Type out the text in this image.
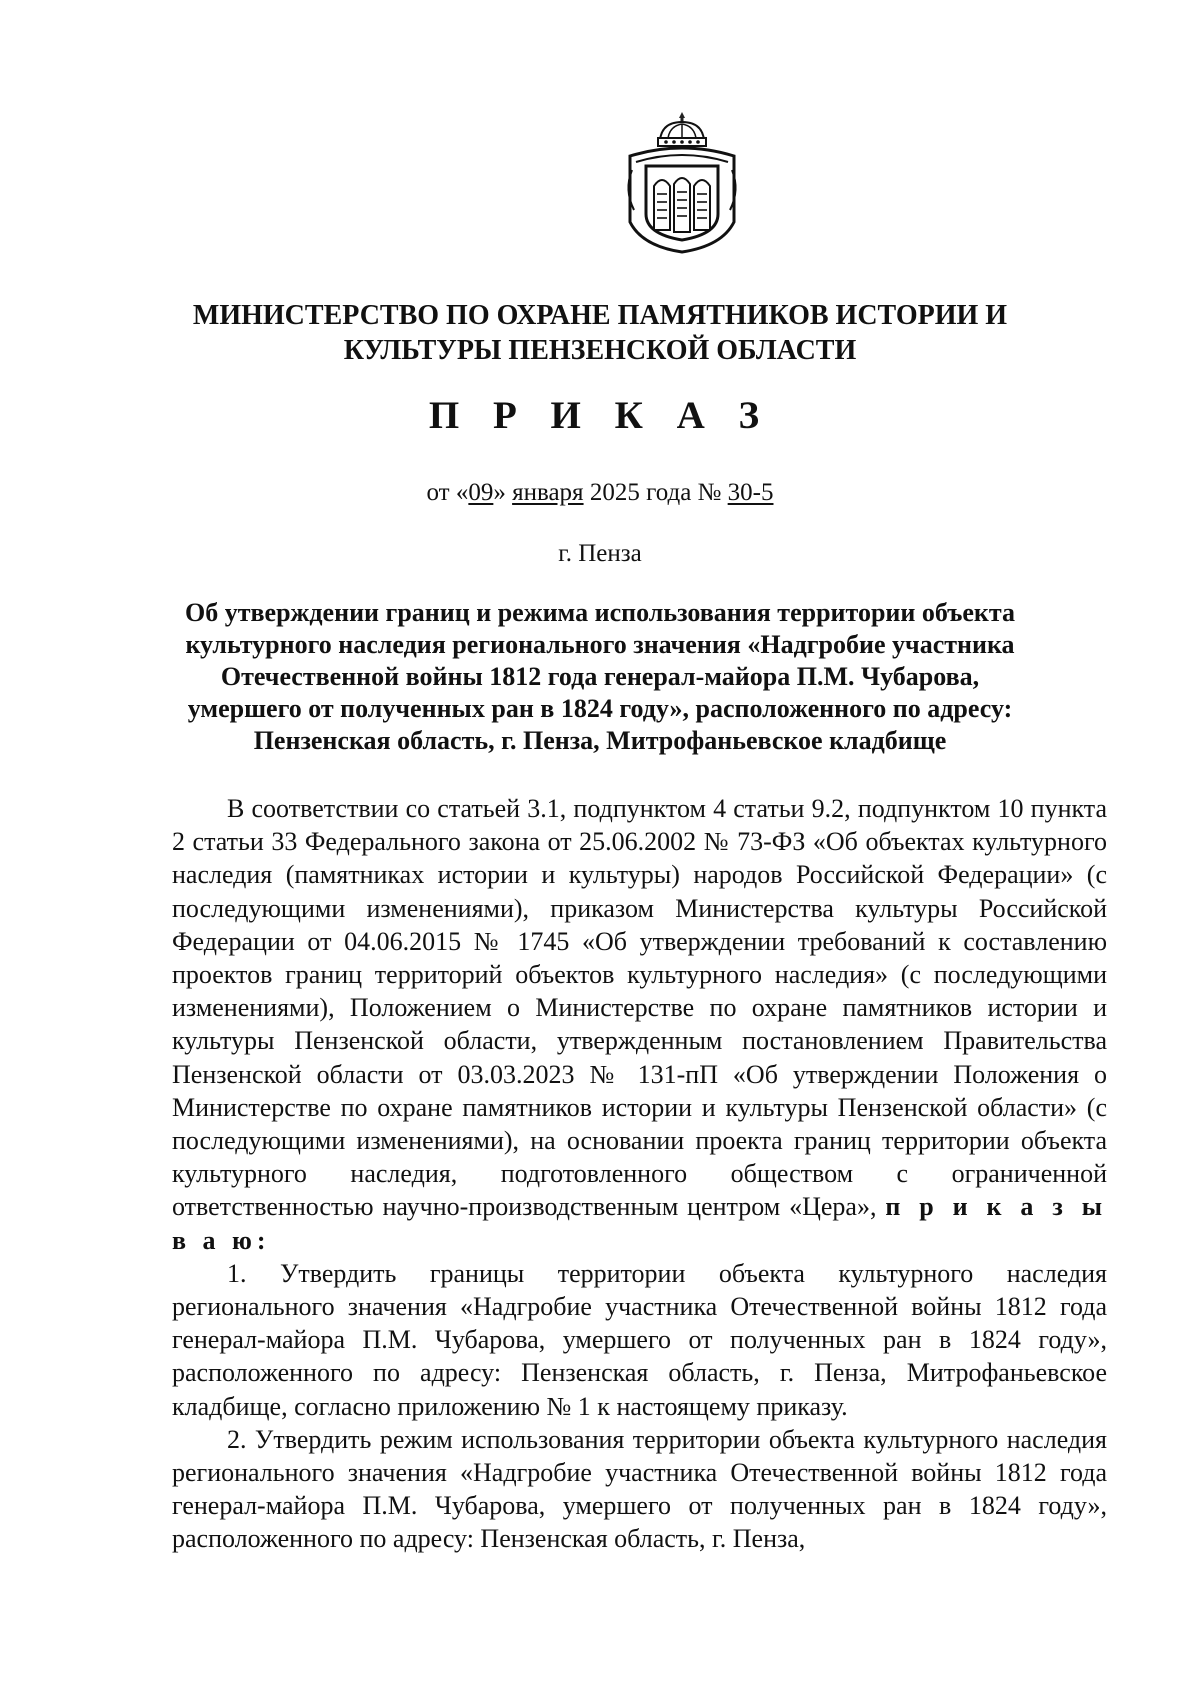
МИНИСТЕРСТВО ПО ОХРАНЕ ПАМЯТНИКОВ ИСТОРИИ И
КУЛЬТУРЫ ПЕНЗЕНСКОЙ ОБЛАСТИ
П Р И К А З
от «09» января 2025 года № 30-5
г. Пенза
Об утверждении границ и режима использования территории объекта
культурного наследия регионального значения «Надгробие участника
Отечественной войны 1812 года генерал-майора П.М. Чубарова,
умершего от полученных ран в 1824 году», расположенного по адресу:
Пензенская область, г. Пенза, Митрофаньевское кладбище

В соответствии со статьей 3.1, подпунктом 4 статьи 9.2, подпунктом 10 пункта 2 статьи 33 Федерального закона от 25.06.2002 № 73-ФЗ «Об объектах культурного наследия (памятниках истории и культуры) народов Российской Федерации» (с последующими изменениями), приказом Министерства культуры Российской Федерации от 04.06.2015 № 1745 «Об утверждении требований к составлению проектов границ территорий объектов культурного наследия» (с последующими изменениями), Положением о Министерстве по охране памятников истории и культуры Пензенской области, утвержденным постановлением Правительства Пензенской области от 03.03.2023 № 131-пП «Об утверждении Положения о Министерстве по охране памятников истории и культуры Пензенской области» (с последующими изменениями), на основании проекта границ территории объекта культурного наследия, подготовленного обществом с ограниченной ответственностью научно-производственным центром «Цера», п р и к а з ы в а ю:

1. Утвердить границы территории объекта культурного наследия регионального значения «Надгробие участника Отечественной войны 1812 года генерал-майора П.М. Чубарова, умершего от полученных ран в 1824 году», расположенного по адресу: Пензенская область, г. Пенза, Митрофаньевское кладбище, согласно приложению № 1 к настоящему приказу.

2. Утвердить режим использования территории объекта культурного наследия регионального значения «Надгробие участника Отечественной войны 1812 года генерал-майора П.М. Чубарова, умершего от полученных ран в 1824 году», расположенного по адресу: Пензенская область, г. Пенза,
